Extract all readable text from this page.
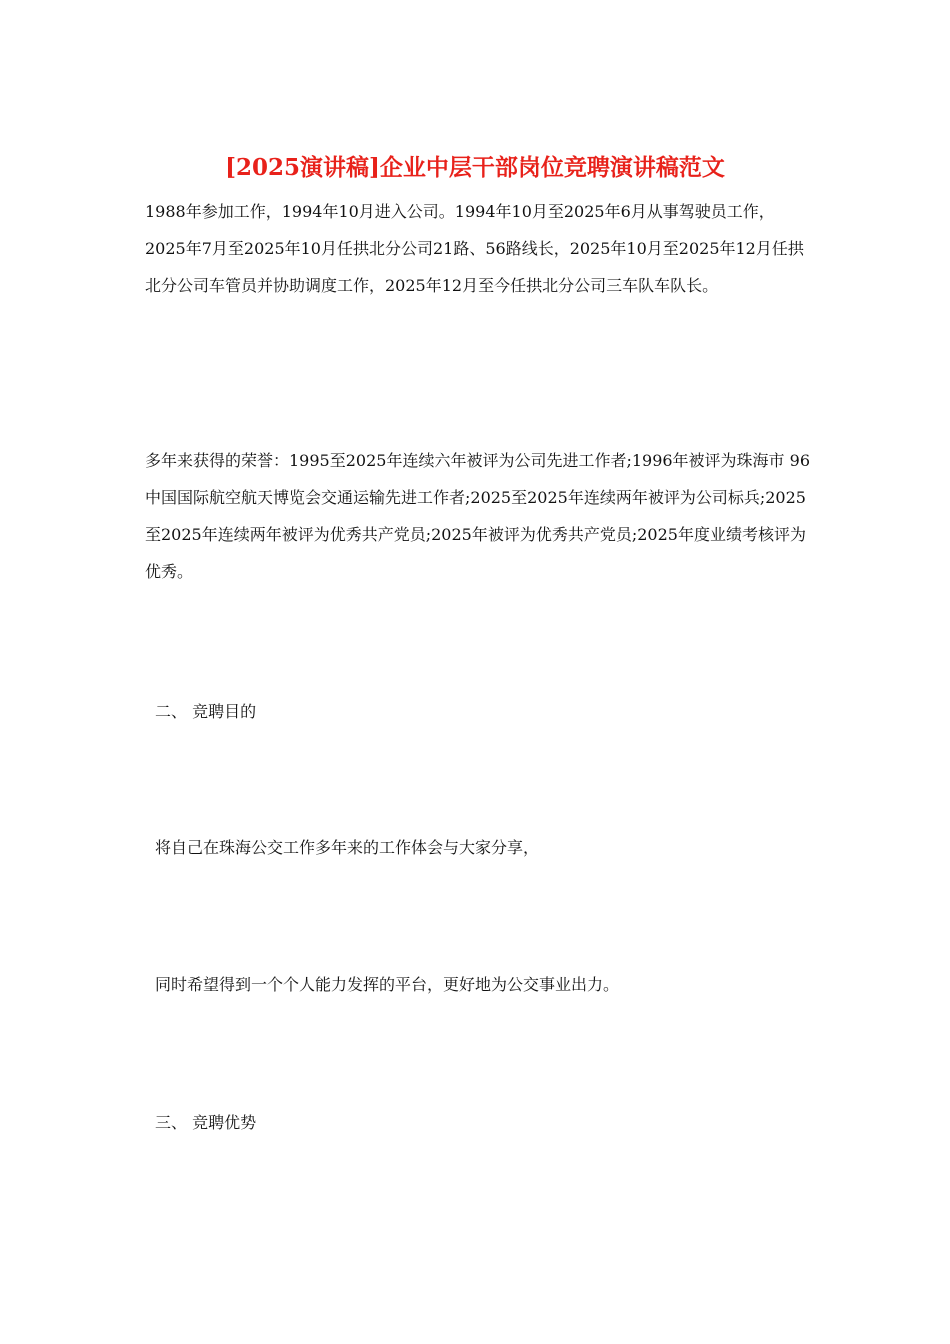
[2025演讲稿]企业中层干部岗位竞聘演讲稿范文

1988年参加工作，1994年10月进入公司。1994年10月至2025年6月从事驾驶员工作，2025年7月至2025年10月任拱北分公司21路、56路线长，2025年10月至2025年12月任拱北分公司车管员并协助调度工作，2025年12月至今任拱北分公司三车队车队长。

多年来获得的荣誉：1995至2025年连续六年被评为公司先进工作者;1996年被评为珠海市 96 中国国际航空航天博览会交通运输先进工作者;2025至2025年连续两年被评为公司标兵;2025至2025年连续两年被评为优秀共产党员;2025年被评为优秀共产党员;2025年度业绩考核评为优秀。

二、 竞聘目的

将自己在珠海公交工作多年来的工作体会与大家分享，

同时希望得到一个个人能力发挥的平台，更好地为公交事业出力。

三、 竞聘优势
